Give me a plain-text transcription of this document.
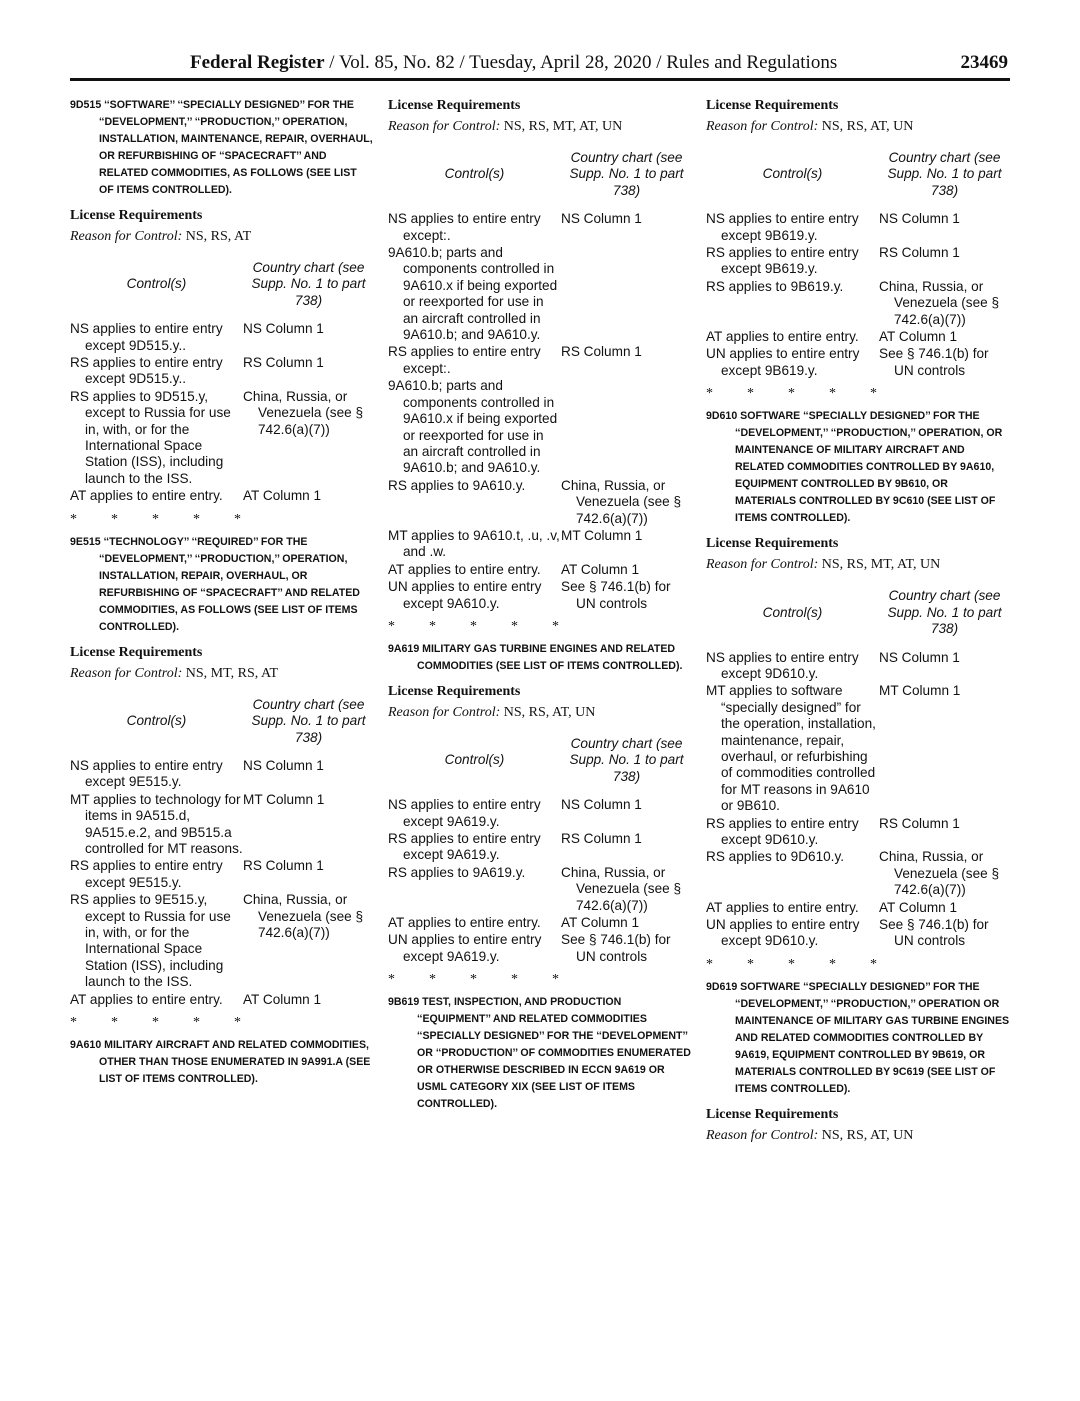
Federal Register / Vol. 85, No. 82 / Tuesday, April 28, 2020 / Rules and Regulations	23469
9D515 ‘‘SOFTWARE’’ ‘‘SPECIALLY DESIGNED’’ FOR THE ‘‘DEVELOPMENT,’’ ‘‘PRODUCTION,’’ OPERATION, INSTALLATION, MAINTENANCE, REPAIR, OVERHAUL, OR REFURBISHING OF ‘‘SPACECRAFT’’ AND RELATED COMMODITIES, AS FOLLOWS (SEE LIST OF ITEMS CONTROLLED).
License Requirements
Reason for Control: NS, RS, AT
Control(s)	Country chart (see Supp. No. 1 to part 738)
NS applies to entire entry except 9D515.y..	NS Column 1
RS applies to entire entry except 9D515.y..	RS Column 1
RS applies to 9D515.y, except to Russia for use in, with, or for the International Space Station (ISS), including launch to the ISS.	China, Russia, or Venezuela (see § 742.6(a)(7))
AT applies to entire entry.	AT Column 1
* * * * *
9E515 ‘‘TECHNOLOGY’’ ‘‘REQUIRED’’ FOR THE ‘‘DEVELOPMENT,’’ ‘‘PRODUCTION,’’ OPERATION, INSTALLATION, REPAIR, OVERHAUL, OR REFURBISHING OF ‘‘SPACECRAFT’’ AND RELATED COMMODITIES, AS FOLLOWS (SEE LIST OF ITEMS CONTROLLED).
License Requirements
Reason for Control: NS, MT, RS, AT
Control(s)	Country chart (see Supp. No. 1 to part 738)
NS applies to entire entry except 9E515.y.	NS Column 1
MT applies to technology for items in 9A515.d, 9A515.e.2, and 9B515.a controlled for MT reasons.	MT Column 1
RS applies to entire entry except 9E515.y.	RS Column 1
RS applies to 9E515.y, except to Russia for use in, with, or for the International Space Station (ISS), including launch to the ISS.	China, Russia, or Venezuela (see § 742.6(a)(7))
AT applies to entire entry.	AT Column 1
* * * * *
9A610 MILITARY AIRCRAFT AND RELATED COMMODITIES, OTHER THAN THOSE ENUMERATED IN 9A991.A (SEE LIST OF ITEMS CONTROLLED).
License Requirements
Reason for Control: NS, RS, MT, AT, UN
Control(s)	Country chart (see Supp. No. 1 to part 738)
NS applies to entire entry except:.	NS Column 1
9A610.b; parts and components controlled in 9A610.x if being exported or reexported for use in an aircraft controlled in 9A610.b; and 9A610.y.	
RS applies to entire entry except:.	RS Column 1
9A610.b; parts and components controlled in 9A610.x if being exported or reexported for use in an aircraft controlled in 9A610.b; and 9A610.y.	
RS applies to 9A610.y.	China, Russia, or Venezuela (see § 742.6(a)(7))
MT applies to 9A610.t, .u, .v, and .w.	MT Column 1
AT applies to entire entry.	AT Column 1
UN applies to entire entry except 9A610.y.	See § 746.1(b) for UN controls
* * * * *
9A619 MILITARY GAS TURBINE ENGINES AND RELATED COMMODITIES (SEE LIST OF ITEMS CONTROLLED).
License Requirements
Reason for Control: NS, RS, AT, UN
Control(s)	Country chart (see Supp. No. 1 to part 738)
NS applies to entire entry except 9A619.y.	NS Column 1
RS applies to entire entry except 9A619.y.	RS Column 1
RS applies to 9A619.y.	China, Russia, or Venezuela (see § 742.6(a)(7))
AT applies to entire entry.	AT Column 1
UN applies to entire entry except 9A619.y.	See § 746.1(b) for UN controls
* * * * *
9B619 TEST, INSPECTION, AND PRODUCTION ‘‘EQUIPMENT’’ AND RELATED COMMODITIES ‘‘SPECIALLY DESIGNED’’ FOR THE ‘‘DEVELOPMENT’’ OR ‘‘PRODUCTION’’ OF COMMODITIES ENUMERATED OR OTHERWISE DESCRIBED IN ECCN 9A619 OR USML CATEGORY XIX (SEE LIST OF ITEMS CONTROLLED).
License Requirements
Reason for Control: NS, RS, AT, UN
Control(s)	Country chart (see Supp. No. 1 to part 738)
NS applies to entire entry except 9B619.y.	NS Column 1
RS applies to entire entry except 9B619.y.	RS Column 1
RS applies to 9B619.y.	China, Russia, or Venezuela (see § 742.6(a)(7))
AT applies to entire entry.	AT Column 1
UN applies to entire entry except 9B619.y.	See § 746.1(b) for UN controls
* * * * *
9D610 SOFTWARE ‘‘SPECIALLY DESIGNED’’ FOR THE ‘‘DEVELOPMENT,’’ ‘‘PRODUCTION,’’ OPERATION, OR MAINTENANCE OF MILITARY AIRCRAFT AND RELATED COMMODITIES CONTROLLED BY 9A610, EQUIPMENT CONTROLLED BY 9B610, OR MATERIALS CONTROLLED BY 9C610 (SEE LIST OF ITEMS CONTROLLED).
License Requirements
Reason for Control: NS, RS, MT, AT, UN
Control(s)	Country chart (see Supp. No. 1 to part 738)
NS applies to entire entry except 9D610.y.	NS Column 1
MT applies to software “specially designed” for the operation, installation, maintenance, repair, overhaul, or refurbishing of commodities controlled for MT reasons in 9A610 or 9B610.	MT Column 1
RS applies to entire entry except 9D610.y.	RS Column 1
RS applies to 9D610.y.	China, Russia, or Venezuela (see § 742.6(a)(7))
AT applies to entire entry.	AT Column 1
UN applies to entire entry except 9D610.y.	See § 746.1(b) for UN controls
* * * * *
9D619 SOFTWARE ‘‘SPECIALLY DESIGNED’’ FOR THE ‘‘DEVELOPMENT,’’ ‘‘PRODUCTION,’’ OPERATION OR MAINTENANCE OF MILITARY GAS TURBINE ENGINES AND RELATED COMMODITIES CONTROLLED BY 9A619, EQUIPMENT CONTROLLED BY 9B619, OR MATERIALS CONTROLLED BY 9C619 (SEE LIST OF ITEMS CONTROLLED).
License Requirements
Reason for Control: NS, RS, AT, UN
